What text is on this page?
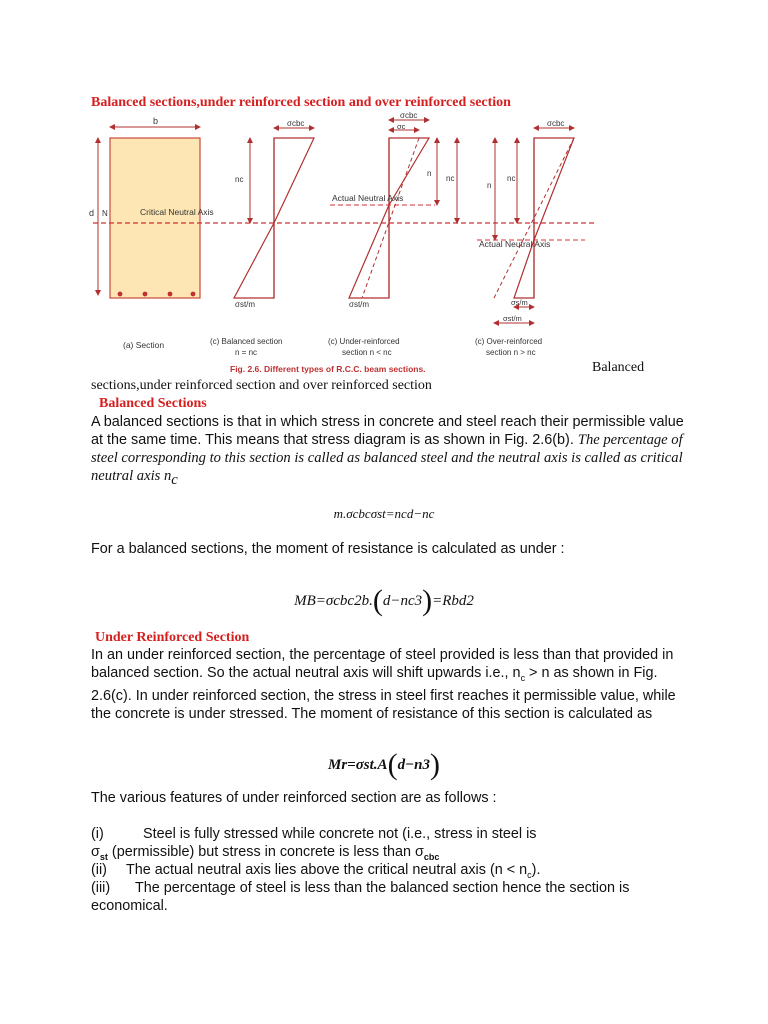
Balanced sections,under reinforced section and over reinforced section
b
d N	Critical Neutral Axis
σcbc
nc
σst/m
σcbc
σc
Actual Neutral Axis
n
nc
σst/m
σcbc
Actual Neutral Axis
n
nc
σs/m
σst/m
(a) Section	(c) Balanced section
n = nc
(c) Under-reinforced
section n < nc
(c) Over-reinforced
section n > nc
Fig. 2.6. Different types of R.C.C. beam sections.	Balanced
sections,under reinforced section and over reinforced section
Balanced Sections
A balanced sections is that in which stress in concrete and steel reach their permissible value at the same time. This means that stress diagram is as shown in Fig. 2.6(b). The percentage of steel corresponding to this section is called as balanced steel and the neutral axis is called as critical neutral axis $n_c$
m.σcbcσst=ncd−nc
For a balanced sections, the moment of resistance is calculated as under :
MB=σcbc2b.(d−nc3)=Rbd2
Under Reinforced Section
In an under reinforced section, the percentage of steel provided is less than that provided in balanced section. So the actual neutral axis will shift upwards i.e., $n_c > n$ as shown in Fig. 2.6(c). In under reinforced section, the stress in steel first reaches it permissible value, while the concrete is under stressed. The moment of resistance of this section is calculated as
Mr=σst.A(d−n3)
The various features of under reinforced section are as follows :
(i)	Steel is fully stressed while concrete not (i.e., stress in steel is
$\sigma_{st}$ (permissible) but stress in concrete is less than $\sigma_{cbc}$
(ii) The actual neutral axis lies above the critical neutral axis $(n < n_c)$.
(iii) The percentage of steel is less than the balanced section hence the section is economical.
